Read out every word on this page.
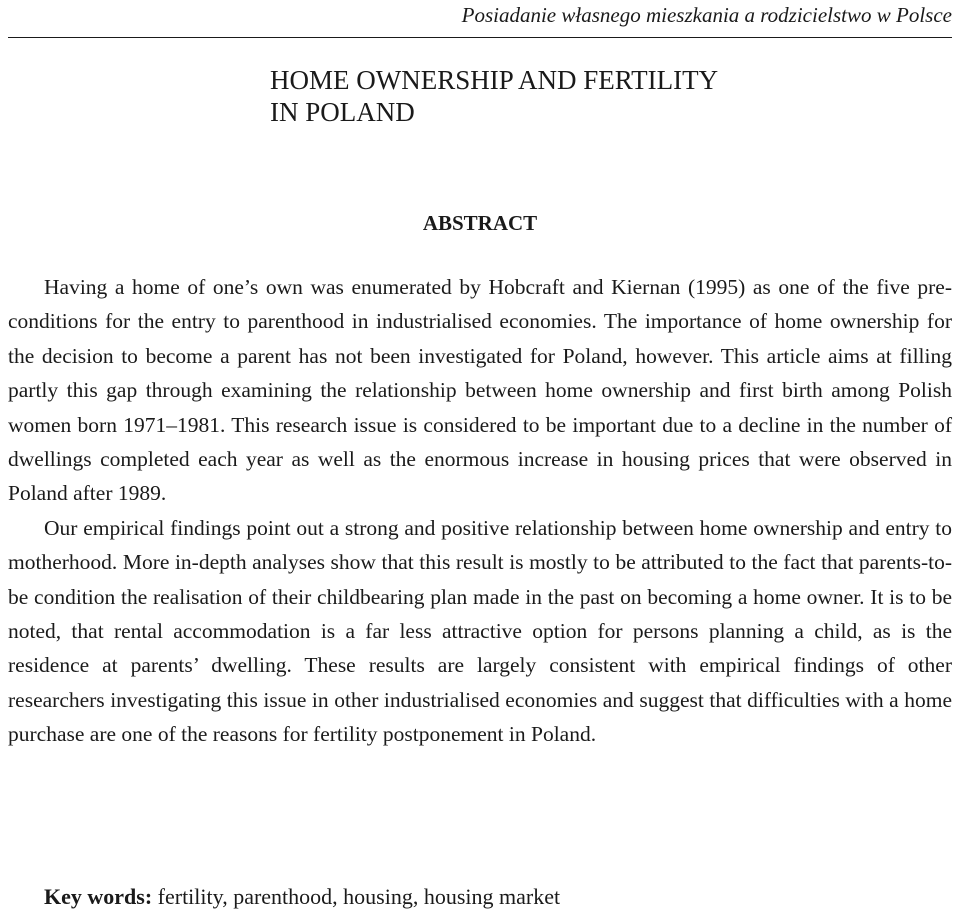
Posiadanie własnego mieszkania a rodzicielstwo w Polsce
HOME OWNERSHIP AND FERTILITY
IN POLAND
ABSTRACT

Having a home of one’s own was enumerated by Hobcraft and Kiernan (1995) as one of the five pre-conditions for the entry to parenthood in industrialised economies. The importance of home ownership for the decision to become a parent has not been investigated for Poland, however. This article aims at filling partly this gap through examining the relationship between home ownership and first birth among Polish women born 1971–1981. This research issue is considered to be important due to a decline in the number of dwellings completed each year as well as the enormous increase in housing prices that were observed in Poland after 1989.

Our empirical findings point out a strong and positive relationship between home ownership and entry to motherhood. More in-depth analyses show that this result is mostly to be attributed to the fact that parents-to-be condition the realisation of their childbearing plan made in the past on becoming a home owner. It is to be noted, that rental accommodation is a far less attractive option for persons planning a child, as is the residence at parents’ dwelling. These results are largely consistent with empirical findings of other researchers investigating this issue in other industrialised economies and suggest that difficulties with a home purchase are one of the reasons for fertility postponement in Poland.

Key words: fertility, parenthood, housing, housing market
